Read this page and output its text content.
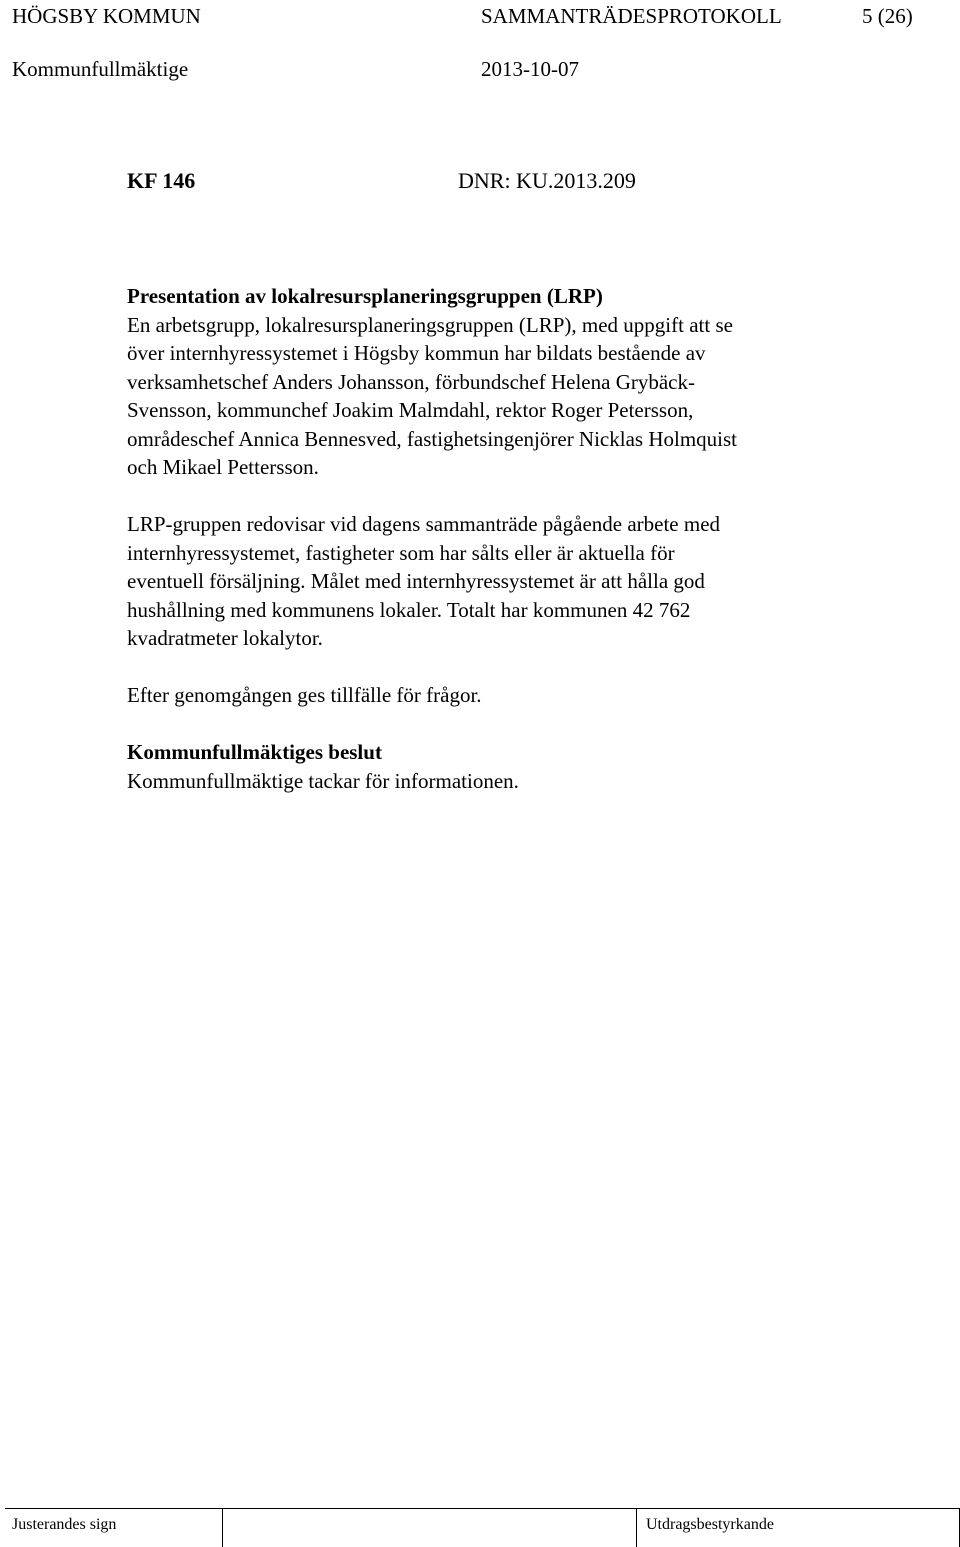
HÖGSBY KOMMUN	SAMMANTRÄDESPROTOKOLL	5 (26)
Kommunfullmäktige	2013-10-07
KF 146	DNR: KU.2013.209

Presentation av lokalresursplaneringsgruppen (LRP)

En arbetsgrupp, lokalresursplaneringsgruppen (LRP), med uppgift att se

över internhyressystemet i Högsby kommun har bildats bestående av

verksamhetschef Anders Johansson, förbundschef Helena Grybäck-

Svensson, kommunchef Joakim Malmdahl, rektor Roger Petersson,

områdeschef Annica Bennesved, fastighetsingenjörer Nicklas Holmquist

och Mikael Pettersson.

LRP-gruppen redovisar vid dagens sammanträde pågående arbete med

internhyressystemet, fastigheter som har sålts eller är aktuella för

eventuell försäljning. Målet med internhyressystemet är att hålla god

hushållning med kommunens lokaler. Totalt har kommunen 42 762

kvadratmeter lokalytor.

Efter genomgången ges tillfälle för frågor.

Kommunfullmäktiges beslut

Kommunfullmäktige tackar för informationen.

Justerandes sign	Utdragsbestyrkande
